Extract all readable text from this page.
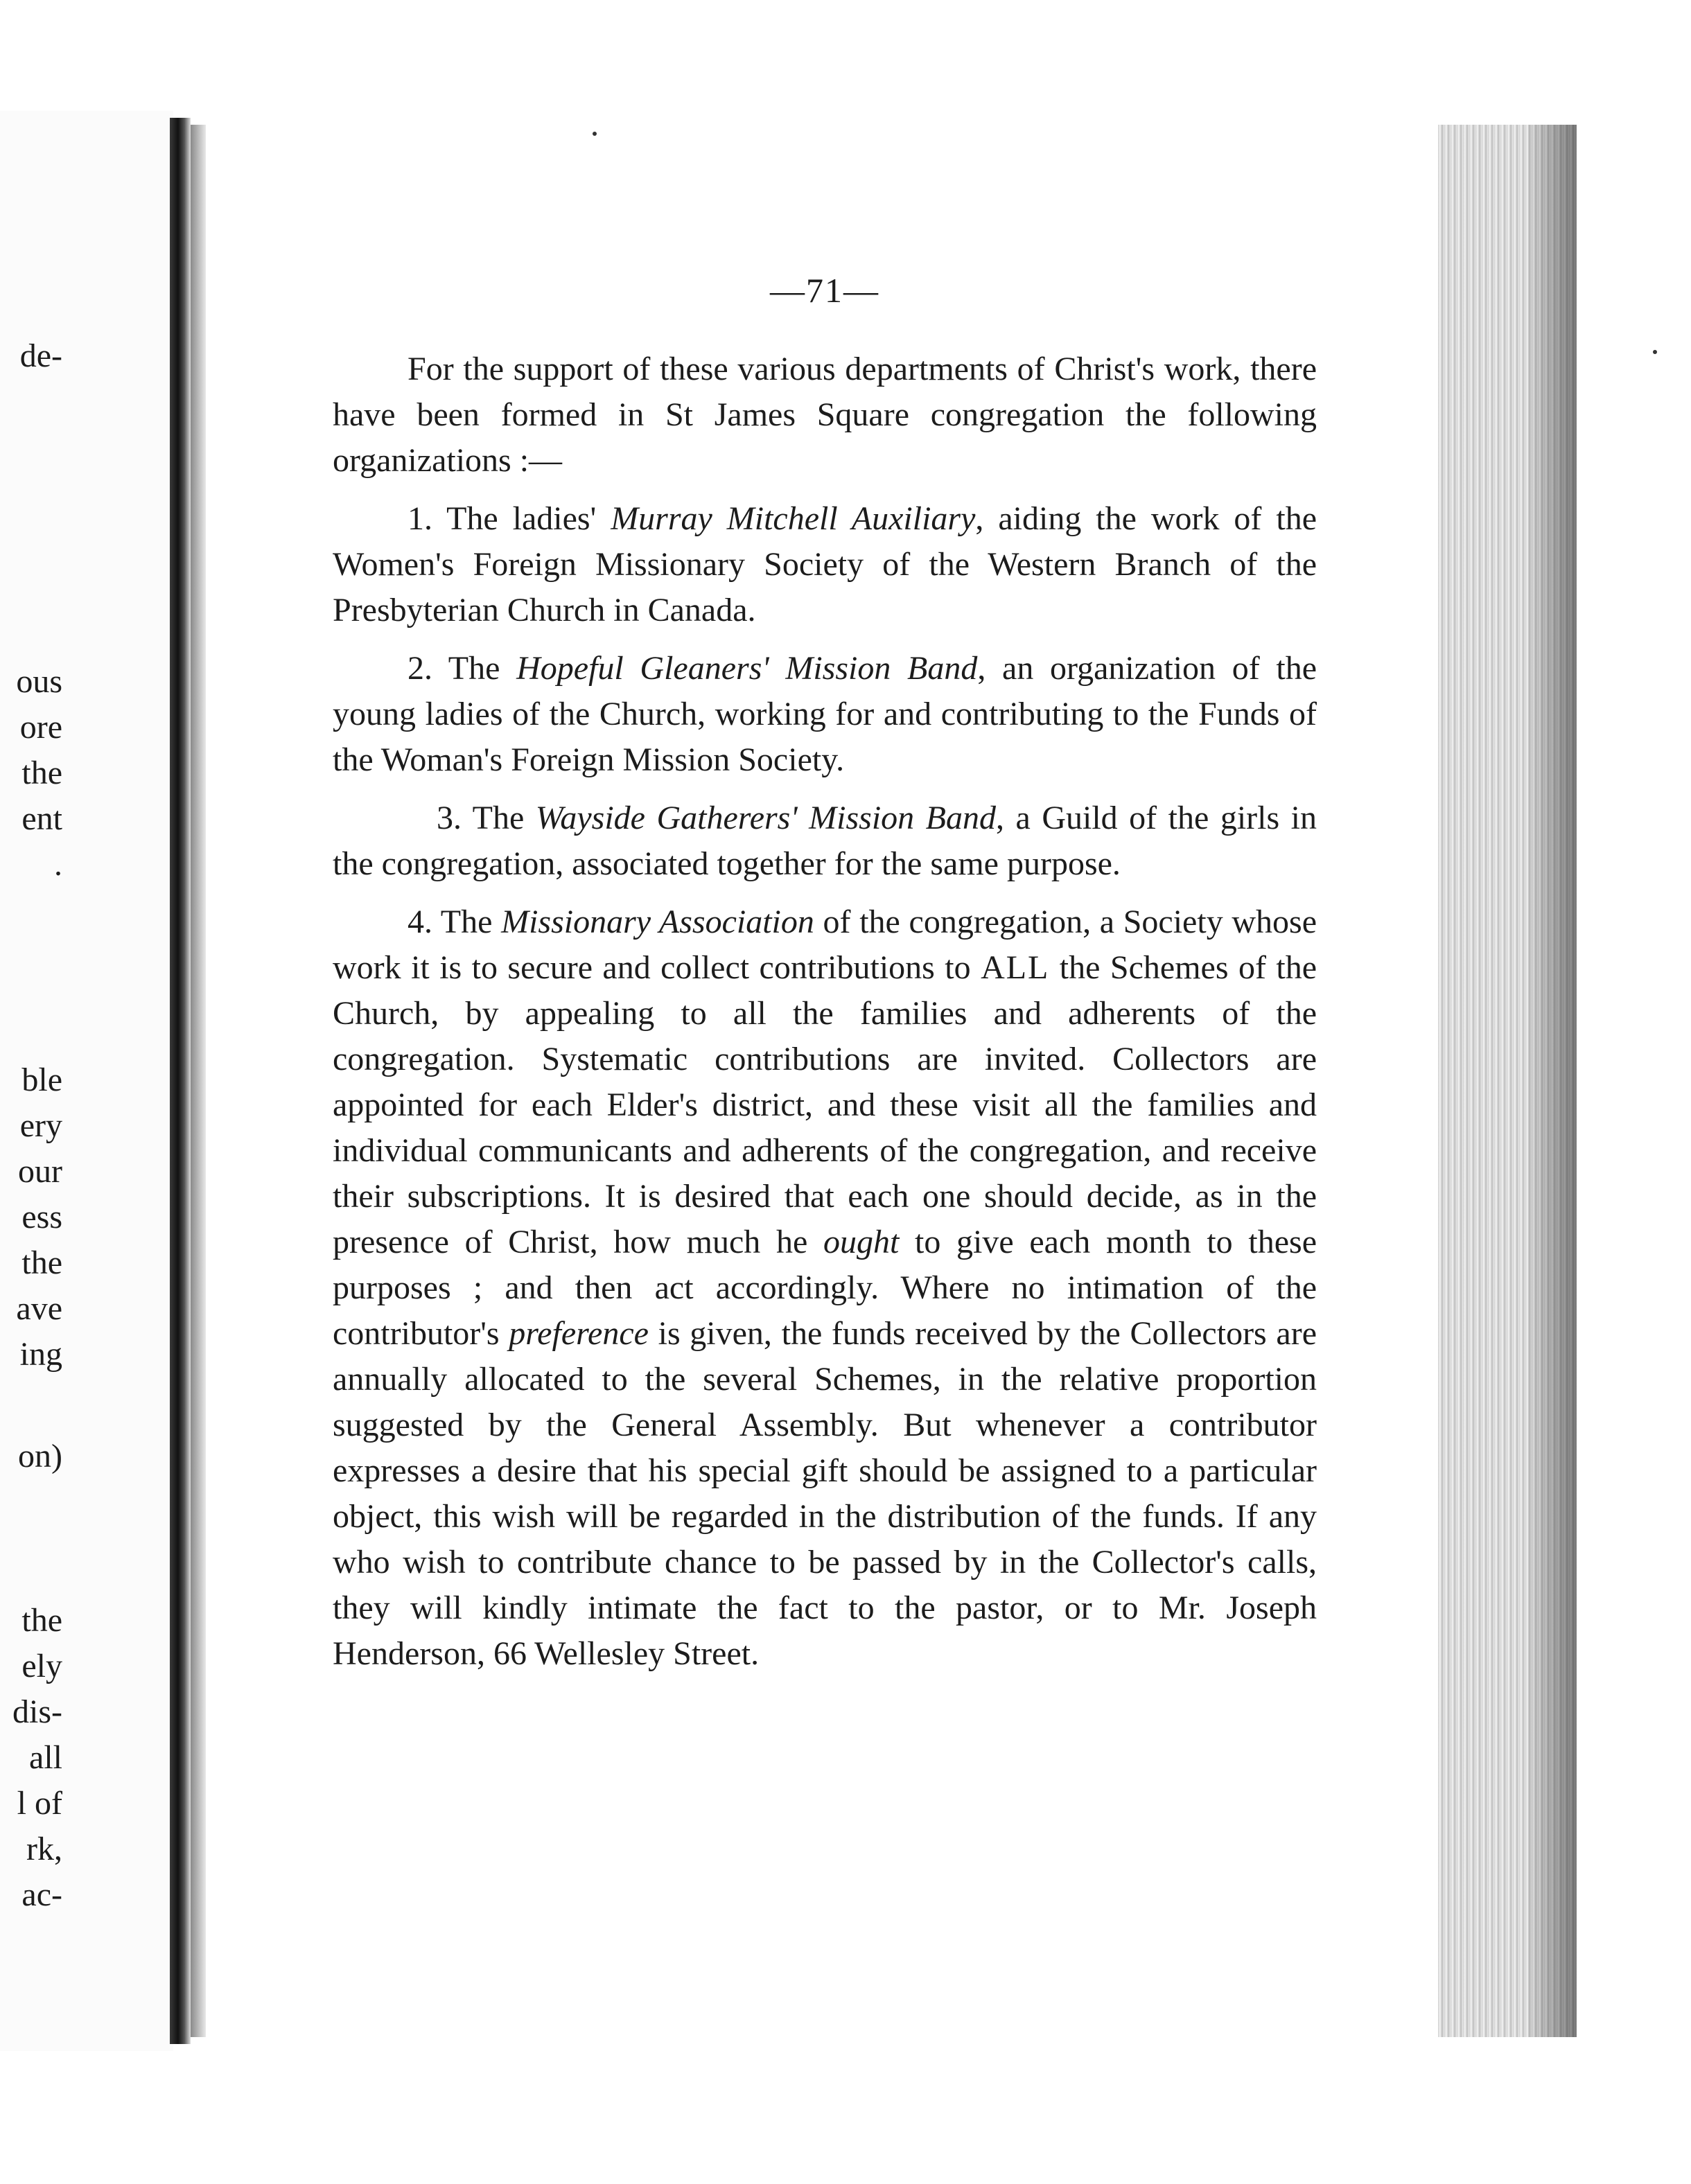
de-
ous
ore
the
ent
.
ble
ery
our
ess
the
ave
ing
on)
the
ely
dis-
all
l of
rk,
ac-
—71—

For the support of these various departments of Christ's work, there have been formed in St James Square congregation the following organizations :—

1. The ladies' Murray Mitchell Auxiliary, aiding the work of the Women's Foreign Missionary Society of the Western Branch of the Presbyterian Church in Canada.

2. The Hopeful Gleaners' Mission Band, an organization of the young ladies of the Church, working for and contributing to the Funds of the Woman's Foreign Mission Society.

3. The Wayside Gatherers' Mission Band, a Guild of the girls in the congregation, associated together for the same purpose.

4. The Missionary Association of the congregation, a Society whose work it is to secure and collect contributions to ALL the Schemes of the Church, by appealing to all the families and adherents of the congregation. Systematic contributions are invited. Collectors are appointed for each Elder's district, and these visit all the families and individual communicants and adherents of the congregation, and receive their subscriptions. It is desired that each one should decide, as in the presence of Christ, how much he ought to give each month to these purposes ; and then act accordingly. Where no intimation of the contributor's preference is given, the funds received by the Collectors are annually allocated to the several Schemes, in the relative proportion suggested by the General Assembly. But whenever a contributor expresses a desire that his special gift should be assigned to a particular object, this wish will be regarded in the distribution of the funds. If any who wish to contribute chance to be passed by in the Collector's calls, they will kindly intimate the fact to the pastor, or to Mr. Joseph Henderson, 66 Wellesley Street.
